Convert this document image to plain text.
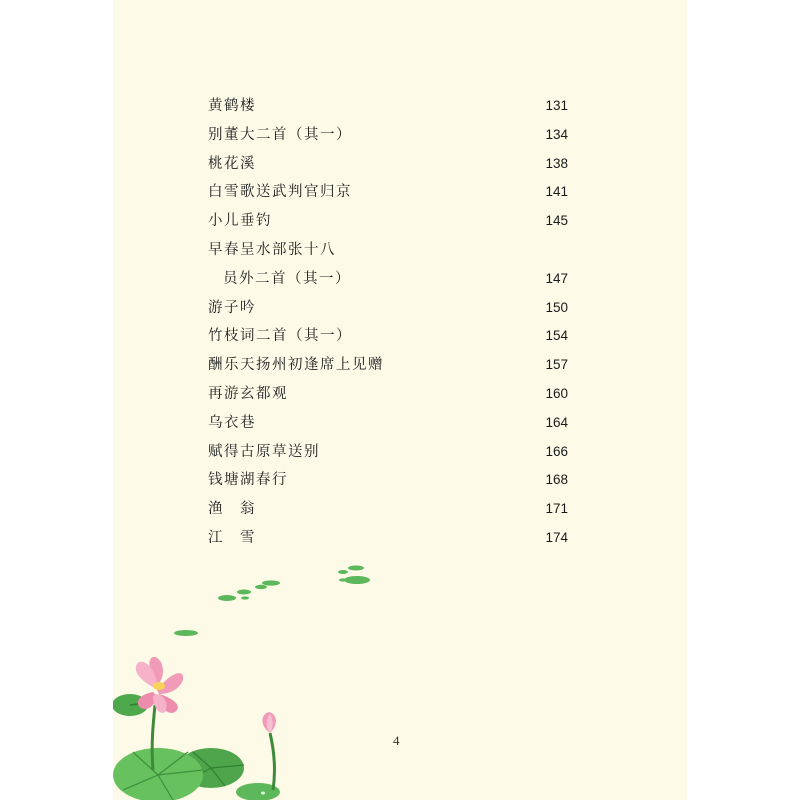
黄鹤楼	131
别董大二首（其一）	134
桃花溪	138
白雪歌送武判官归京	141
小儿垂钓	145
早春呈水部张十八
员外二首（其一）	147
游子吟	150
竹枝词二首（其一）	154
酬乐天扬州初逢席上见赠	157
再游玄都观	160
乌衣巷	164
赋得古原草送别	166
钱塘湖春行	168
渔　翁	171
江　雪	174
4
